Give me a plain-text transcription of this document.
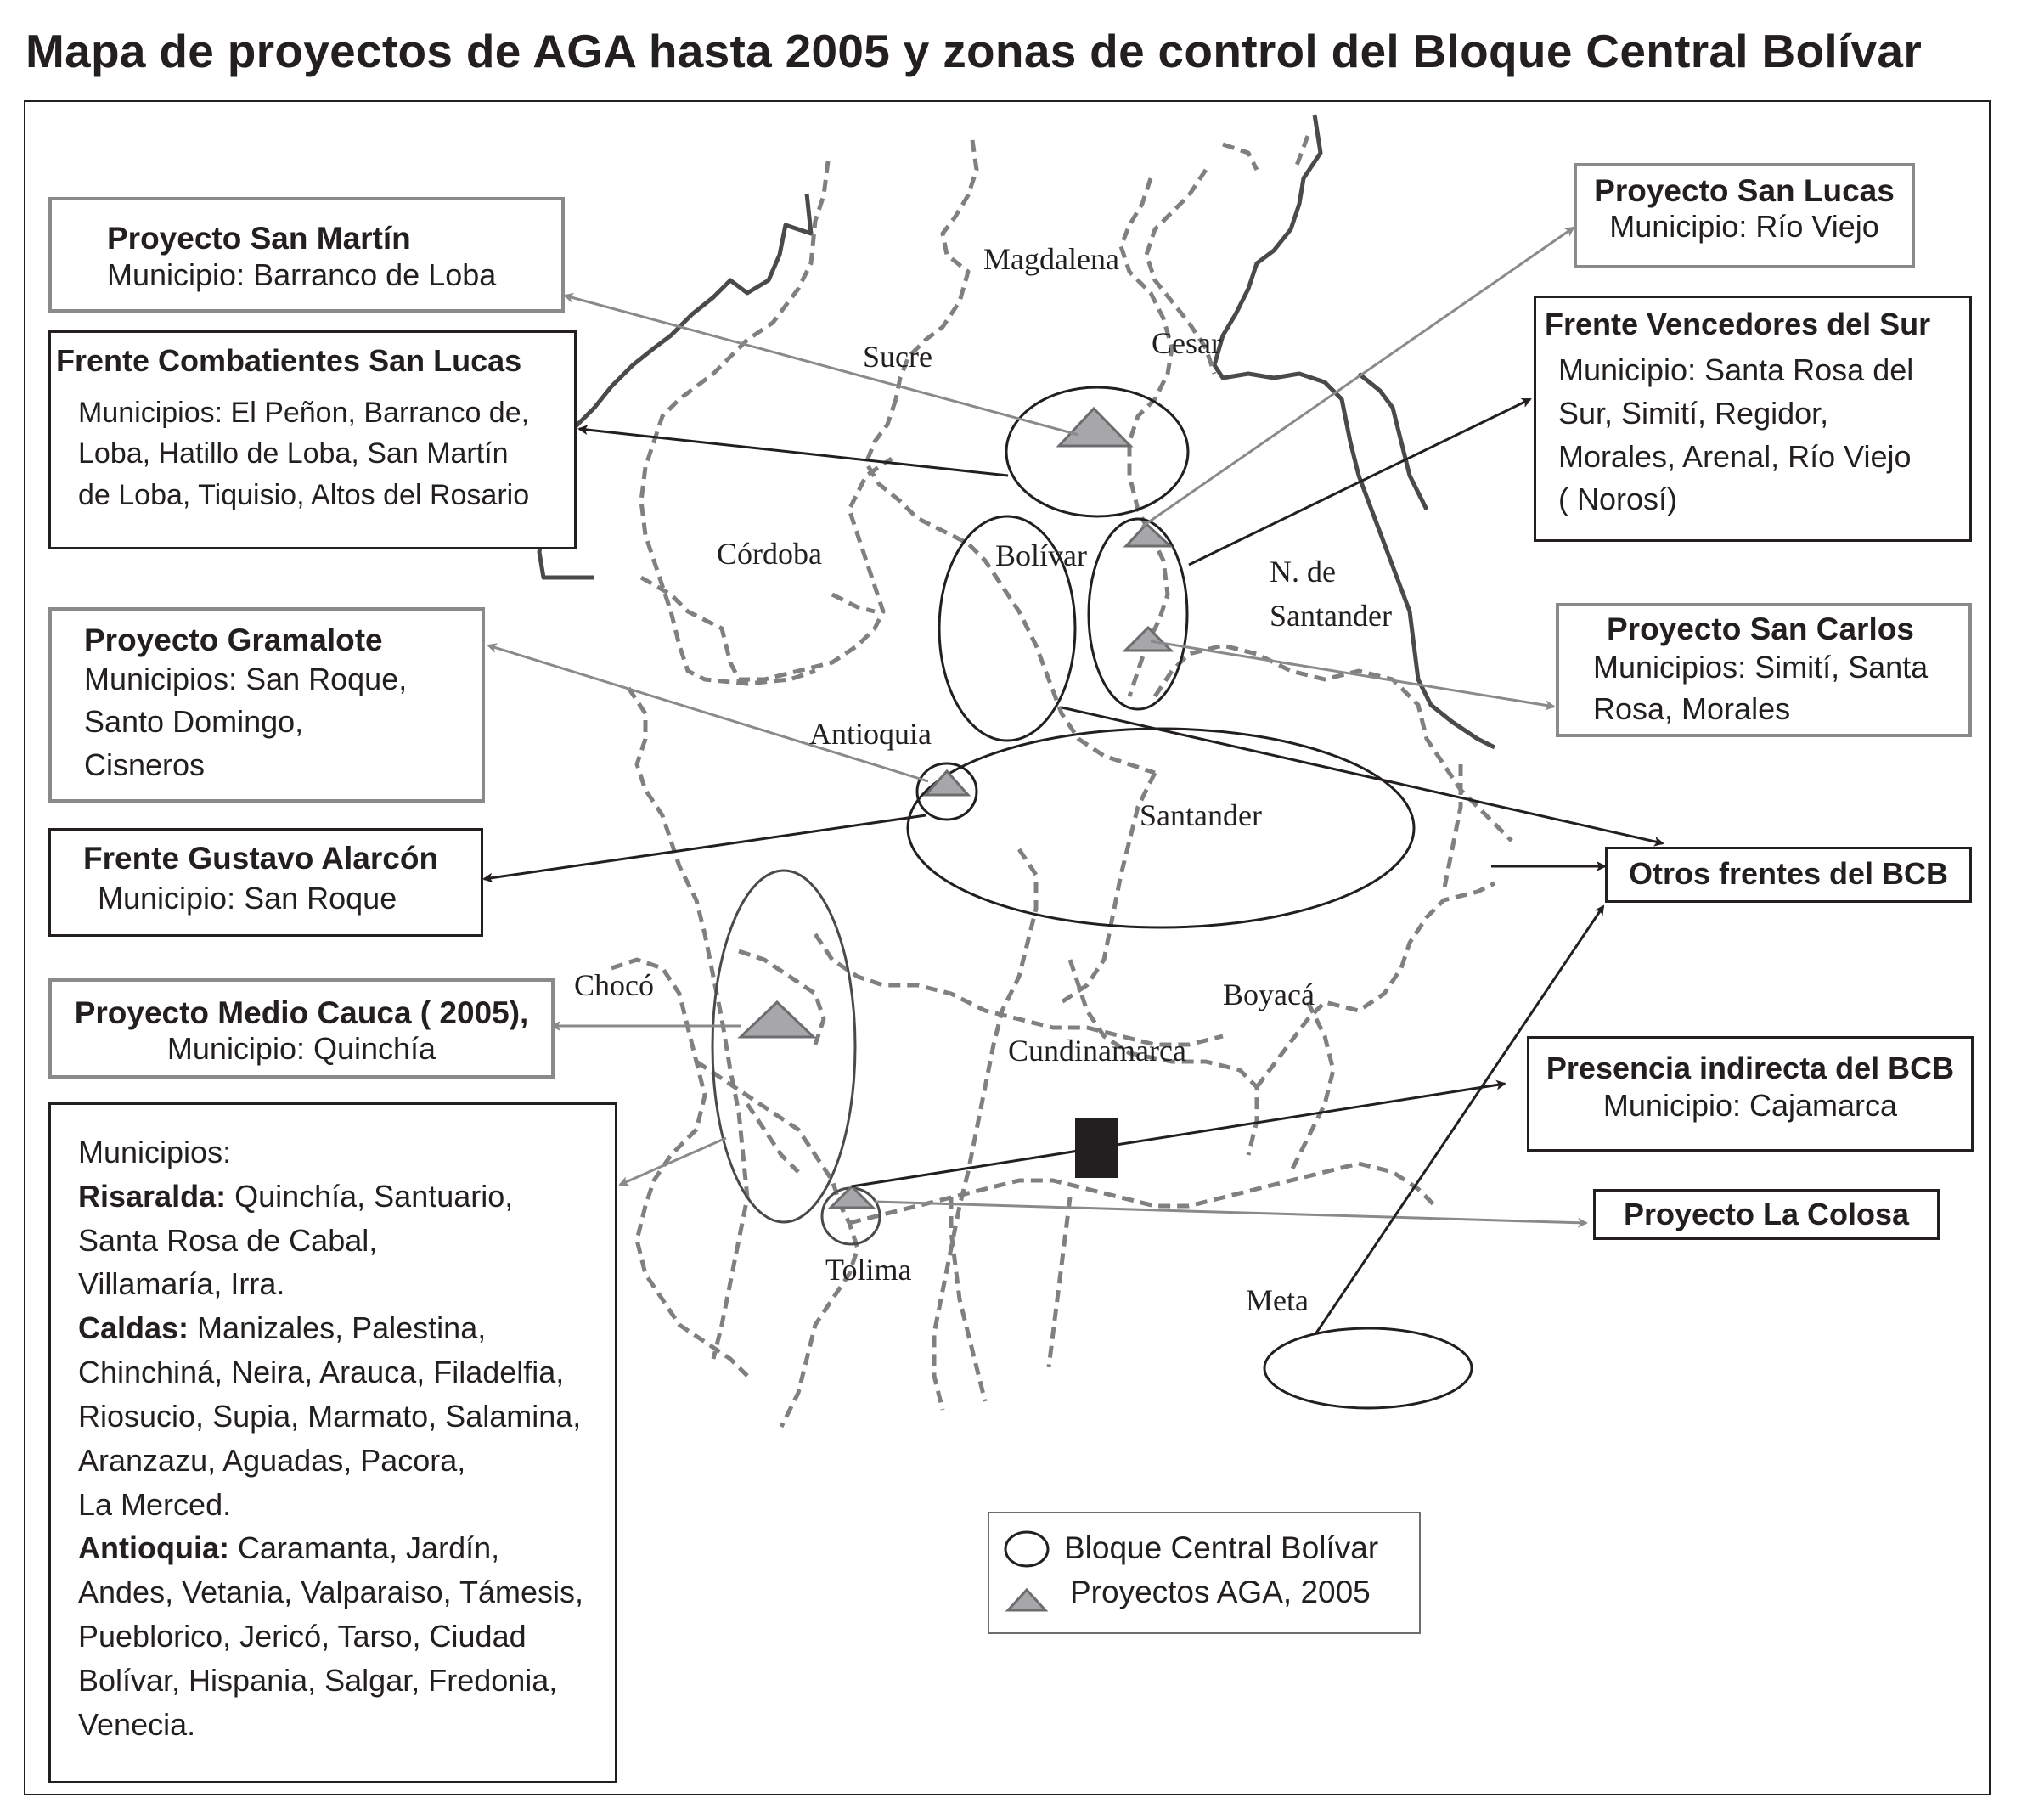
Mapa de proyectos de AGA hasta 2005 y zonas de control del Bloque Central Bolívar
Magdalena
Cesar
Sucre
Córdoba	Bolívar	N. de
Santander
Antioquia
Santander
Chocó	Boyacá
Cundinamarca
Tolima
Meta
Proyecto San Martín
Municipio: Barranco de Loba
Frente Combatientes San Lucas
Municipios: El Peñon, Barranco de,
Loba, Hatillo de Loba, San Martín
de Loba, Tiquisio, Altos del Rosario
Proyecto Gramalote
Municipios: San Roque,
Santo Domingo,
Cisneros
Frente Gustavo Alarcón
Municipio: San Roque
Proyecto Medio Cauca ( 2005),
Municipio: Quinchía
Municipios:
Risaralda: Quinchía, Santuario,
Santa Rosa de Cabal,
Villamaría, Irra.
Caldas: Manizales, Palestina,
Chinchiná, Neira, Arauca, Filadelfia,
Riosucio, Supia, Marmato, Salamina,
Aranzazu, Aguadas, Pacora,
La Merced.
Antioquia: Caramanta, Jardín,
Andes, Vetania, Valparaiso, Támesis,
Pueblorico, Jericó, Tarso, Ciudad
Bolívar, Hispania, Salgar, Fredonia,
Venecia.
Proyecto San Lucas
Municipio: Río Viejo
Frente Vencedores del Sur
Municipio: Santa Rosa del
Sur, Simití, Regidor,
Morales, Arenal, Río Viejo
( Norosí)
Proyecto San Carlos
Municipios: Simití, Santa
Rosa, Morales
Otros frentes del BCB
Presencia indirecta del BCB
Municipio: Cajamarca
Proyecto La Colosa
Bloque Central Bolívar
Proyectos AGA, 2005
